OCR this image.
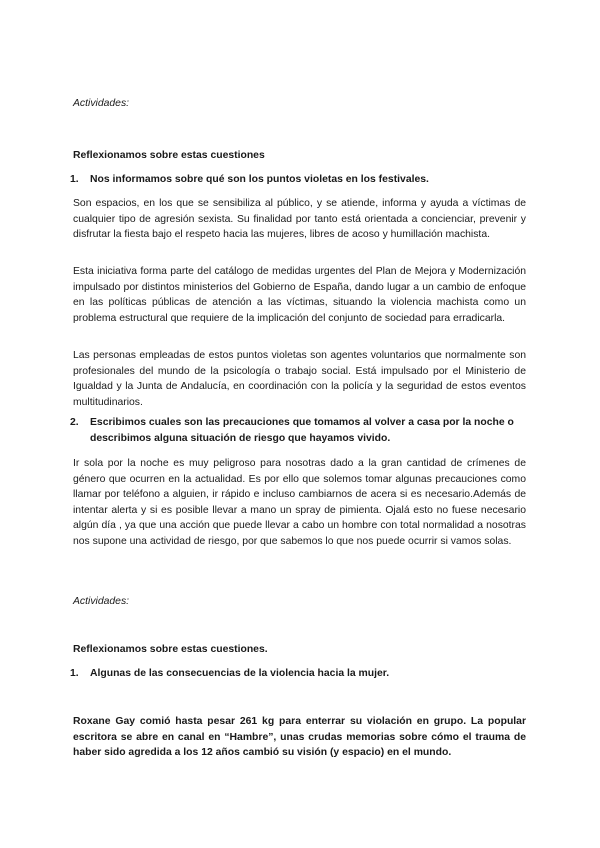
Actividades:

Reflexionamos sobre estas cuestiones

1. Nos informamos sobre qué son los puntos violetas en los festivales.

Son espacios, en los que se sensibiliza al público, y se atiende, informa y ayuda a víctimas de cualquier tipo de agresión sexista. Su finalidad por tanto está orientada a concienciar, prevenir y disfrutar la fiesta bajo el respeto hacia las mujeres, libres de acoso y humillación machista.

Esta iniciativa forma parte del catálogo de medidas urgentes del Plan de Mejora y Modernización impulsado por distintos ministerios del Gobierno de España, dando lugar a un cambio de enfoque en las políticas públicas de atención a las víctimas, situando la violencia machista como un problema estructural que requiere de la implicación del conjunto de sociedad para erradicarla.

Las personas empleadas de estos puntos violetas son agentes voluntarios que normalmente son profesionales del mundo de la psicología o trabajo social. Está impulsado por el Ministerio de Igualdad y la Junta de Andalucía, en coordinación con la policía y la seguridad de estos eventos multitudinarios.

2. Escribimos cuales son las precauciones que tomamos al volver a casa por la noche o describimos alguna situación de riesgo que hayamos vivido.

Ir sola por la noche es muy peligroso para nosotras dado a la gran cantidad de crímenes de género que ocurren en la actualidad. Es por ello que solemos tomar algunas precauciones como llamar por teléfono a alguien, ir rápido e incluso cambiarnos de acera si es necesario.Además de intentar alerta y si es posible llevar a mano un spray de pimienta. Ojalá esto no fuese necesario algún día , ya que una acción que puede llevar a cabo un hombre con total normalidad a nosotras nos supone una actividad de riesgo, por que sabemos lo que nos puede ocurrir si vamos solas.

Actividades:

Reflexionamos sobre estas cuestiones.

1. Algunas de las consecuencias de la violencia hacia la mujer.

Roxane Gay comió hasta pesar 261 kg para enterrar su violación en grupo. La popular escritora se abre en canal en “Hambre”, unas crudas memorias sobre cómo el trauma de haber sido agredida a los 12 años cambió su visión (y espacio) en el mundo.
